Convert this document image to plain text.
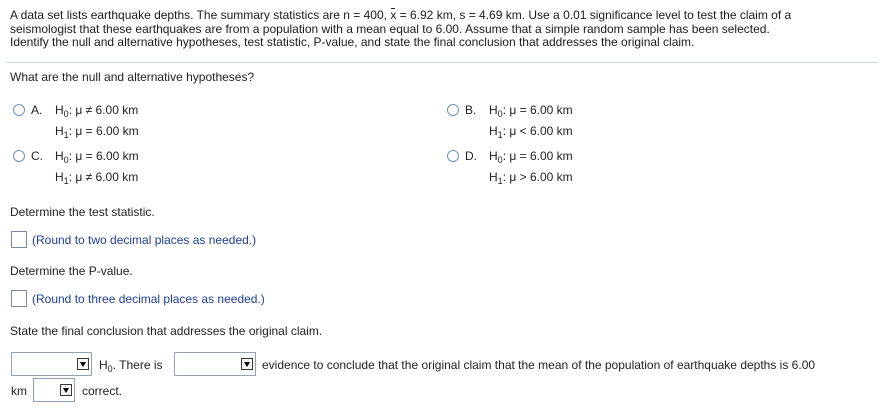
A data set lists earthquake depths. The summary statistics are n = 400, x = 6.92 km, s = 4.69 km. Use a 0.01 significance level to test the claim of a

seismologist that these earthquakes are from a population with a mean equal to 6.00. Assume that a simple random sample has been selected.

Identify the null and alternative hypotheses, test statistic, P-value, and state the final conclusion that addresses the original claim.

What are the null and alternative hypotheses?
A. $H_0$: μ ≠ 6.00 km
$H_1$: μ = 6.00 km
B. $H_0$: μ = 6.00 km
$H_1$: μ < 6.00 km
C. $H_0$: μ = 6.00 km
$H_1$: μ ≠ 6.00 km
D. $H_0$: μ = 6.00 km
$H_1$: μ > 6.00 km
Determine the test statistic.
(Round to two decimal places as needed.)
Determine the P-value.
(Round to three decimal places as needed.)
State the final conclusion that addresses the original claim.
$H_0$. There is	evidence to conclude that the original claim that the mean of the population of earthquake depths is 6.00
km	correct.
